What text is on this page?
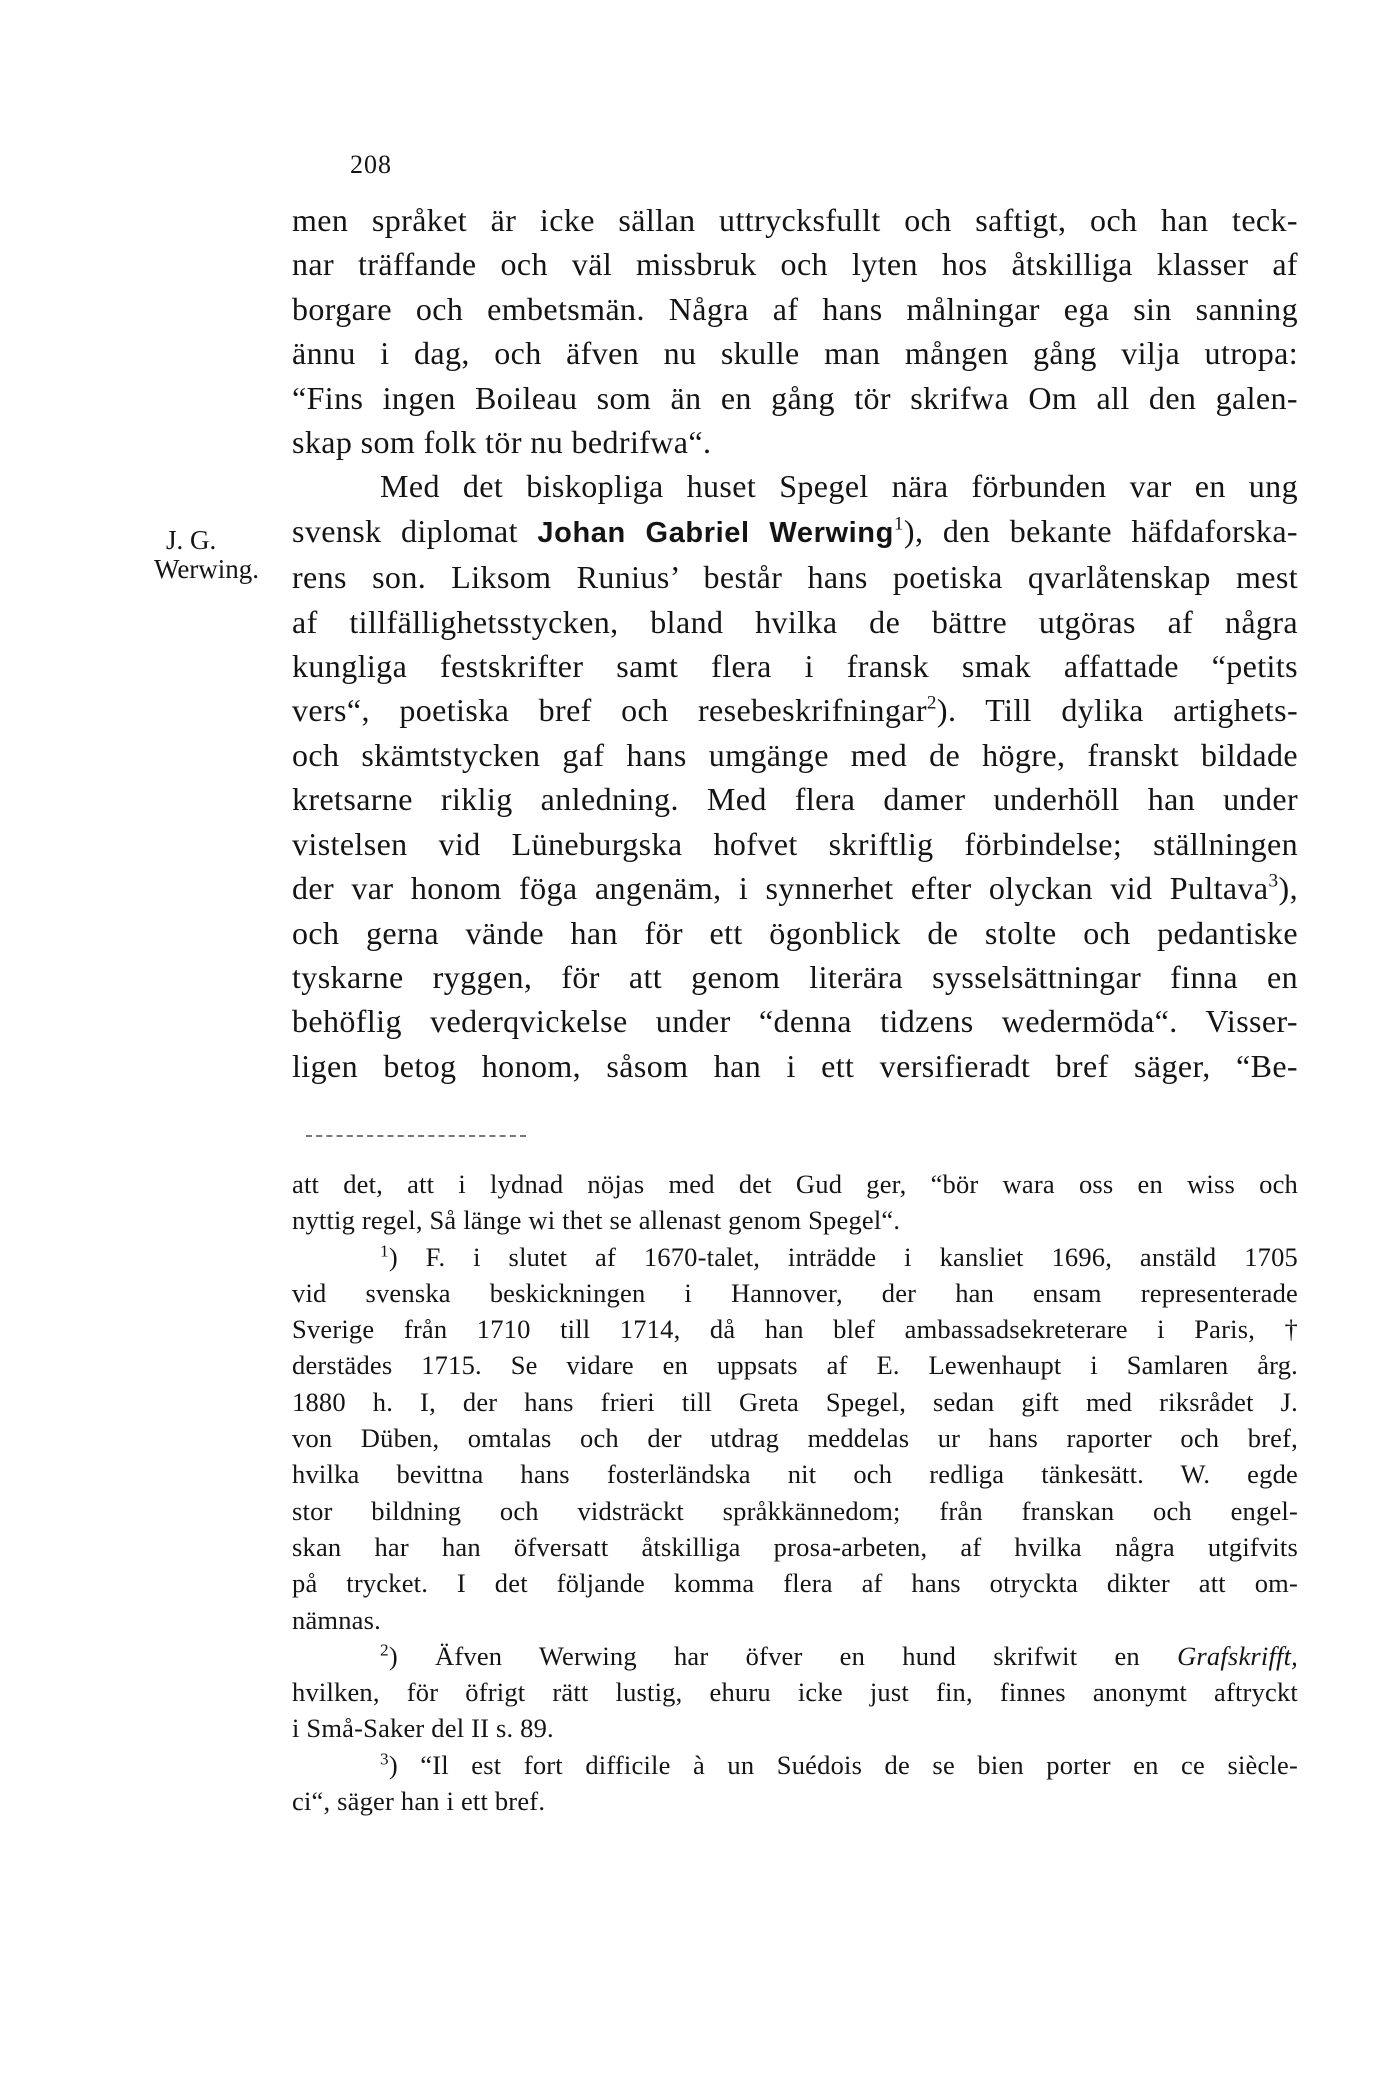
208
J. G.
Werwing.
men språket är icke sällan uttrycksfullt och saftigt, och han teck-
nar träffande och väl missbruk och lyten hos åtskilliga klasser af
borgare och embetsmän. Några af hans målningar ega sin sanning
ännu i dag, och äfven nu skulle man mången gång vilja utropa:
“Fins ingen Boileau som än en gång tör skrifwa Om all den galen-
skap som folk tör nu bedrifwa“.
Med det biskopliga huset Spegel nära förbunden var en ung
svensk diplomat Johan Gabriel Werwing$^1$), den bekante häfdaforska-
rens son. Liksom Runius’ består hans poetiska qvarlåtenskap mest
af tillfällighetsstycken, bland hvilka de bättre utgöras af några
kungliga festskrifter samt flera i fransk smak affattade “petits
vers“, poetiska bref och resebeskrifningar$^2$). Till dylika artighets-
och skämtstycken gaf hans umgänge med de högre, franskt bildade
kretsarne riklig anledning. Med flera damer underhöll han under
vistelsen vid Lüneburgska hofvet skriftlig förbindelse; ställningen
der var honom föga angenäm, i synnerhet efter olyckan vid Pultava$^3$),
och gerna vände han för ett ögonblick de stolte och pedantiske
tyskarne ryggen, för att genom literära sysselsättningar finna en
behöflig vederqvickelse under “denna tidzens wedermöda“. Visser-
ligen betog honom, såsom han i ett versifieradt bref säger, “Be-
att det, att i lydnad nöjas med det Gud ger, “bör wara oss en wiss och
nyttig regel, Så länge wi thet se allenast genom Spegel“.
$^1$) F. i slutet af 1670-talet, inträdde i kansliet 1696, anstäld 1705
vid svenska beskickningen i Hannover, der han ensam representerade
Sverige från 1710 till 1714, då han blef ambassadsekreterare i Paris, †
derstädes 1715. Se vidare en uppsats af E. Lewenhaupt i Samlaren årg.
1880 h. I, der hans frieri till Greta Spegel, sedan gift med riksrådet J.
von Düben, omtalas och der utdrag meddelas ur hans raporter och bref,
hvilka bevittna hans fosterländska nit och redliga tänkesätt. W. egde
stor bildning och vidsträckt språkkännedom; från franskan och engel-
skan har han öfversatt åtskilliga prosa-arbeten, af hvilka några utgifvits
på trycket. I det följande komma flera af hans otryckta dikter att om-
nämnas.
$^2$) Äfven Werwing har öfver en hund skrifwit en Grafskrifft,
hvilken, för öfrigt rätt lustig, ehuru icke just fin, finnes anonymt aftryckt
i Små-Saker del II s. 89.
$^3$) “Il est fort difficile à un Suédois de se bien porter en ce siècle-
ci“, säger han i ett bref.
